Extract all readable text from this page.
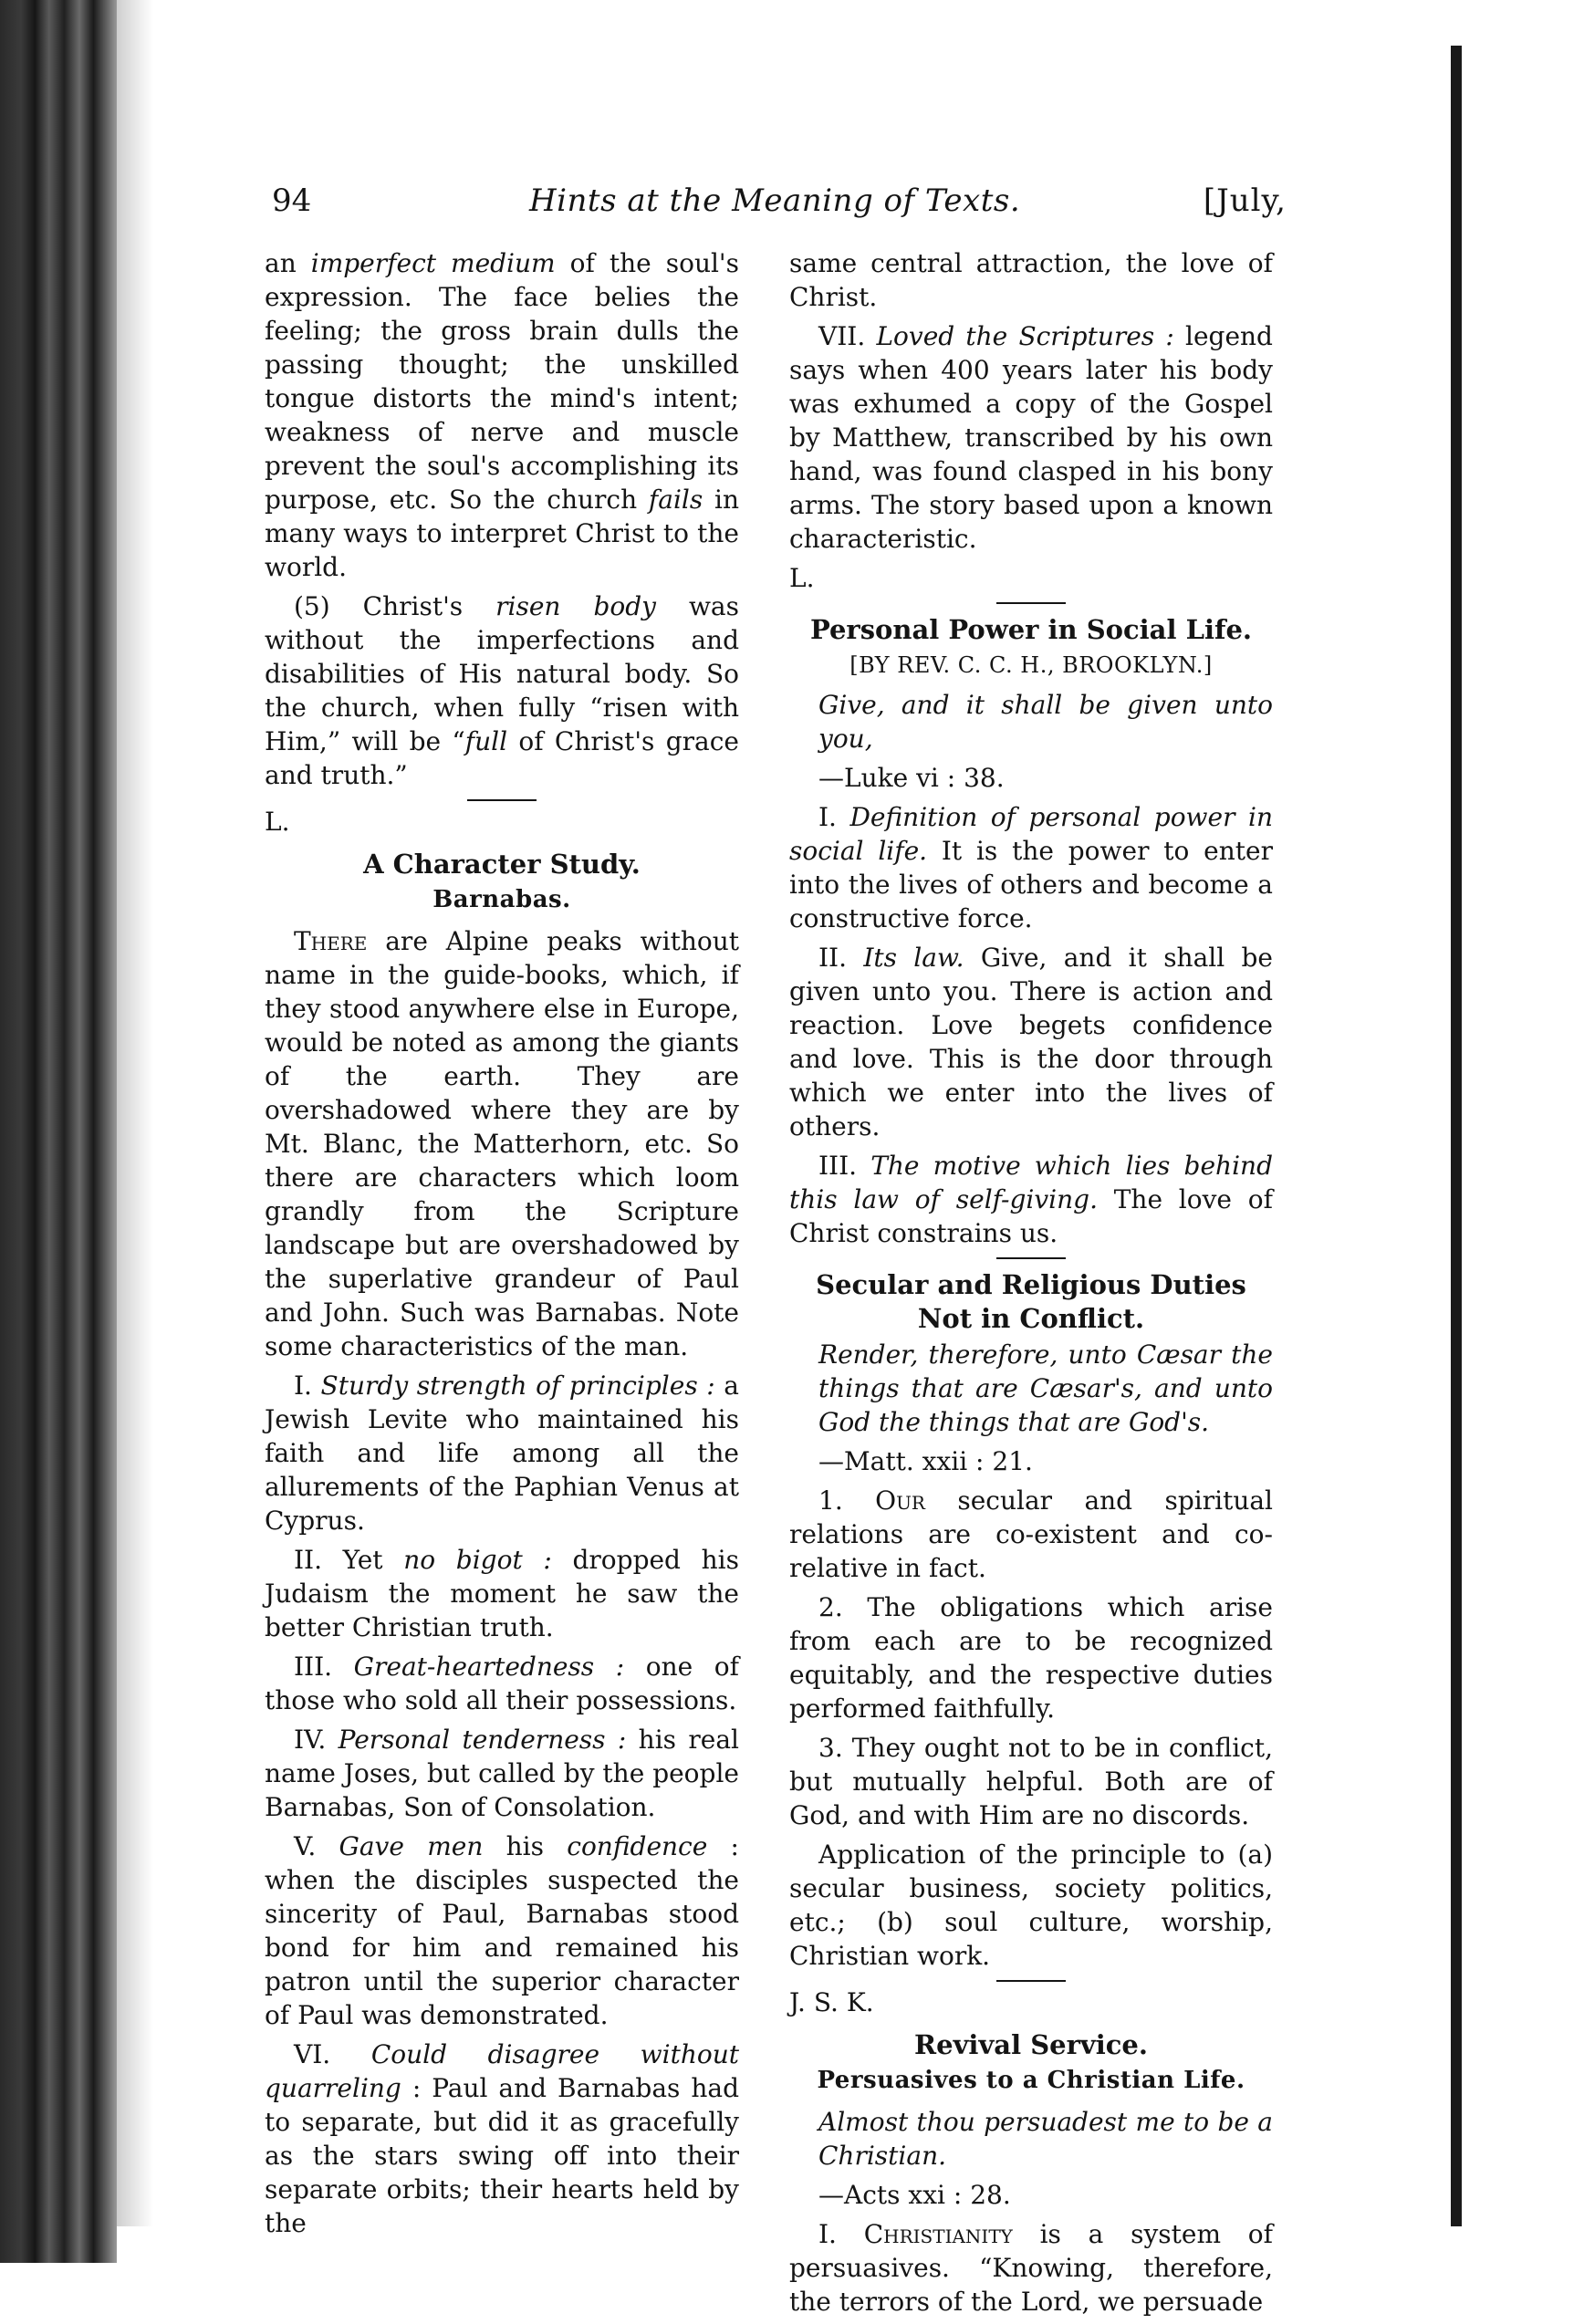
94	Hints at the Meaning of Texts.	[July,

an imperfect medium of the soul's expression. The face belies the feeling; the gross brain dulls the passing thought; the unskilled tongue distorts the mind's intent; weakness of nerve and muscle prevent the soul's accomplishing its purpose, etc. So the church fails in many ways to interpret Christ to the world.

(5) Christ's risen body was without the imperfections and disabilities of His natural body. So the church, when fully “risen with Him,” will be “full of Christ's grace and truth.”

L.

A Character Study.
Barnabas.

There are Alpine peaks without name in the guide-books, which, if they stood anywhere else in Europe, would be noted as among the giants of the earth. They are overshadowed where they are by Mt. Blanc, the Matterhorn, etc. So there are characters which loom grandly from the Scripture landscape but are overshadowed by the superlative grandeur of Paul and John. Such was Barnabas. Note some characteristics of the man.

I. Sturdy strength of principles : a Jewish Levite who maintained his faith and life among all the allurements of the Paphian Venus at Cyprus.

II. Yet no bigot : dropped his Judaism the moment he saw the better Christian truth.

III. Great-heartedness : one of those who sold all their possessions.

IV. Personal tenderness : his real name Joses, but called by the people Barnabas, Son of Consolation.

V. Gave men his confidence : when the disciples suspected the sincerity of Paul, Barnabas stood bond for him and remained his patron until the superior character of Paul was demonstrated.

VI. Could disagree without quarreling : Paul and Barnabas had to separate, but did it as gracefully as the stars swing off into their separate orbits; their hearts held by the

same central attraction, the love of Christ.

VII. Loved the Scriptures : legend says when 400 years later his body was exhumed a copy of the Gospel by Matthew, transcribed by his own hand, was found clasped in his bony arms. The story based upon a known characteristic.

L.

Personal Power in Social Life.
[BY REV. C. C. H., BROOKLYN.]

Give, and it shall be given unto you,

—Luke vi : 38.

I. Definition of personal power in social life. It is the power to enter into the lives of others and become a constructive force.

II. Its law. Give, and it shall be given unto you. There is action and reaction. Love begets confidence and love. This is the door through which we enter into the lives of others.

III. The motive which lies behind this law of self-giving. The love of Christ constrains us.

Secular and Religious Duties Not in Conflict.

Render, therefore, unto Cæsar the things that are Cæsar's, and unto God the things that are God's.

—Matt. xxii : 21.

1. Our secular and spiritual relations are co-existent and co-relative in fact.

2. The obligations which arise from each are to be recognized equitably, and the respective duties performed faithfully.

3. They ought not to be in conflict, but mutually helpful. Both are of God, and with Him are no discords.

Application of the principle to (a) secular business, society politics, etc.; (b) soul culture, worship, Christian work.

J. S. K.

Revival Service.
Persuasives to a Christian Life.

Almost thou persuadest me to be a Christian.

—Acts xxi : 28.

I. Christianity is a system of persuasives. “Knowing, therefore, the terrors of the Lord, we persuade
